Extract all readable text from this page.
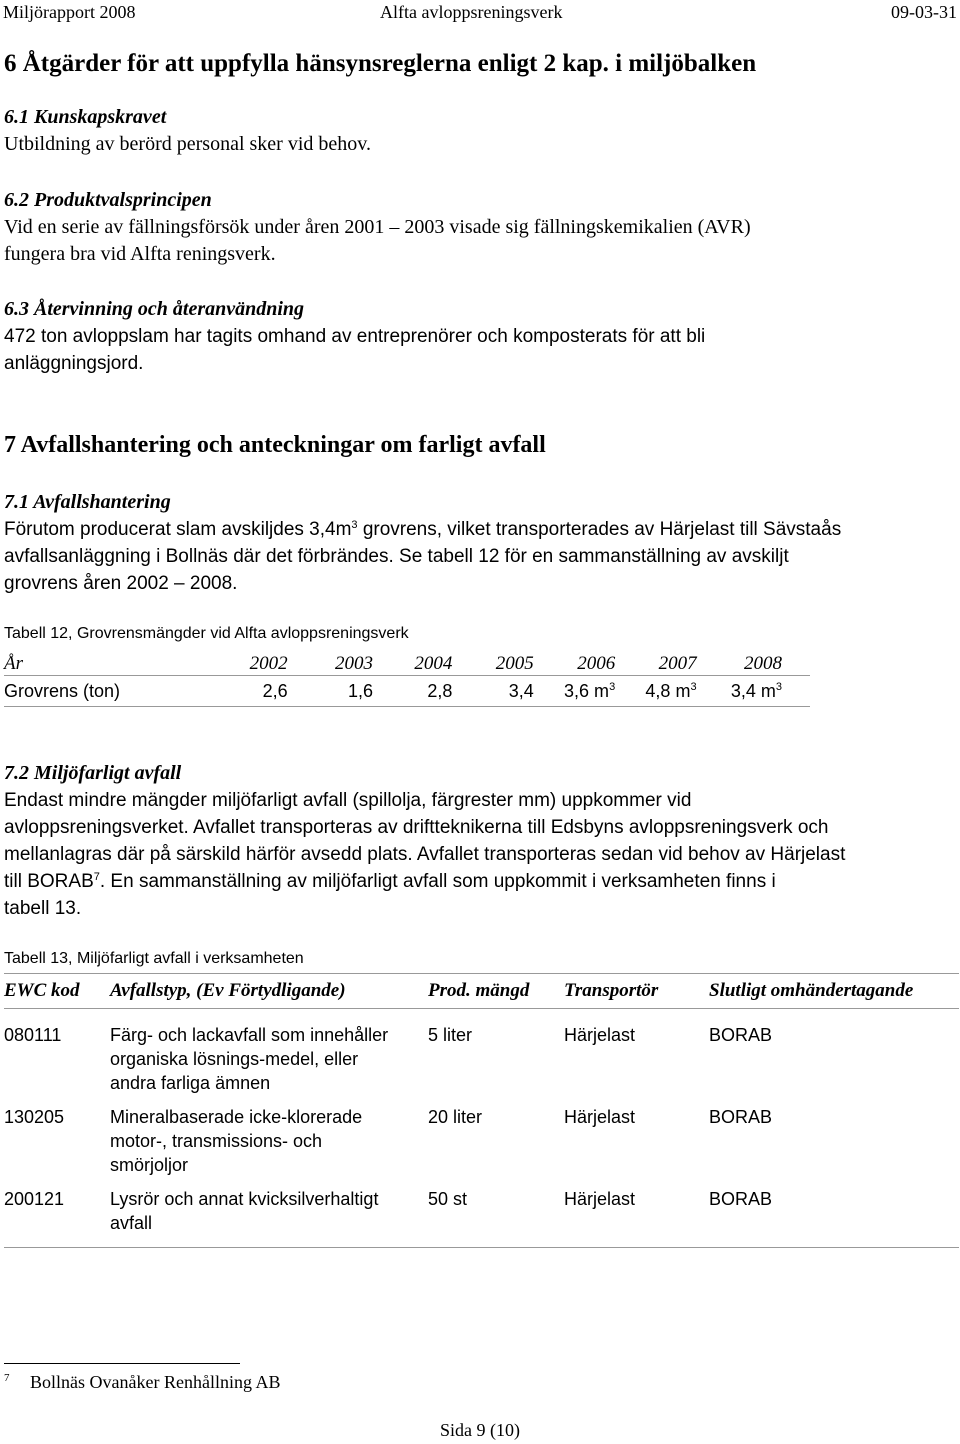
Miljörapport 2008	Alfta avloppsreningsverk	09-03-31
6 Åtgärder för att uppfylla hänsynsreglerna enligt 2 kap. i miljöbalken
6.1 Kunskapskravet
Utbildning av berörd personal sker vid behov.
6.2 Produktvalsprincipen
Vid en serie av fällningsförsök under åren 2001 – 2003 visade sig fällningskemikalien (AVR)
fungera bra vid Alfta reningsverk.
6.3 Återvinning och återanvändning
472 ton avloppslam har tagits omhand av entreprenörer och komposterats för att bli
anläggningsjord.
7 Avfallshantering och anteckningar om farligt avfall
7.1 Avfallshantering
Förutom producerat slam avskiljdes $3,4m^3$ grovrens, vilket transporterades av Härjelast till Sävstaås
avfallsanläggning i Bollnäs där det förbrändes. Se tabell 12 för en sammanställning av avskiljt
grovrens åren 2002 – 2008.
Tabell 12, Grovrensmängder vid Alfta avloppsreningsverk
År	2002	2003	2004	2005	2006	2007	2008
Grovrens (ton)	2,6	1,6	2,8	3,4	3,6 $m^3$	4,8 $m^3$	3,4 $m^3$
7.2 Miljöfarligt avfall
Endast mindre mängder miljöfarligt avfall (spillolja, färgrester mm) uppkommer vid
avloppsreningsverket. Avfallet transporteras av driftteknikerna till Edsbyns avloppsreningsverk och
mellanlagras där på särskild härför avsedd plats. Avfallet transporteras sedan vid behov av Härjelast
till BORAB$^7$. En sammanställning av miljöfarligt avfall som uppkommit i verksamheten finns i
tabell 13.
Tabell 13, Miljöfarligt avfall i verksamheten
EWC kod	Avfallstyp, (Ev Förtydligande)	Prod. mängd	Transportör	Slutligt omhändertagande
080111	Färg- och lackavfall som innehåller
organiska lösnings-medel, eller
andra farliga ämnen	5 liter	Härjelast	BORAB
130205	Mineralbaserade icke-klorerade
motor-, transmissions- och
smörjoljor	20 liter	Härjelast	BORAB
200121	Lysrör och annat kvicksilverhaltigt
avfall	50 st	Härjelast	BORAB
$^7$ Bollnäs Ovanåker Renhållning AB
Sida 9 (10)
